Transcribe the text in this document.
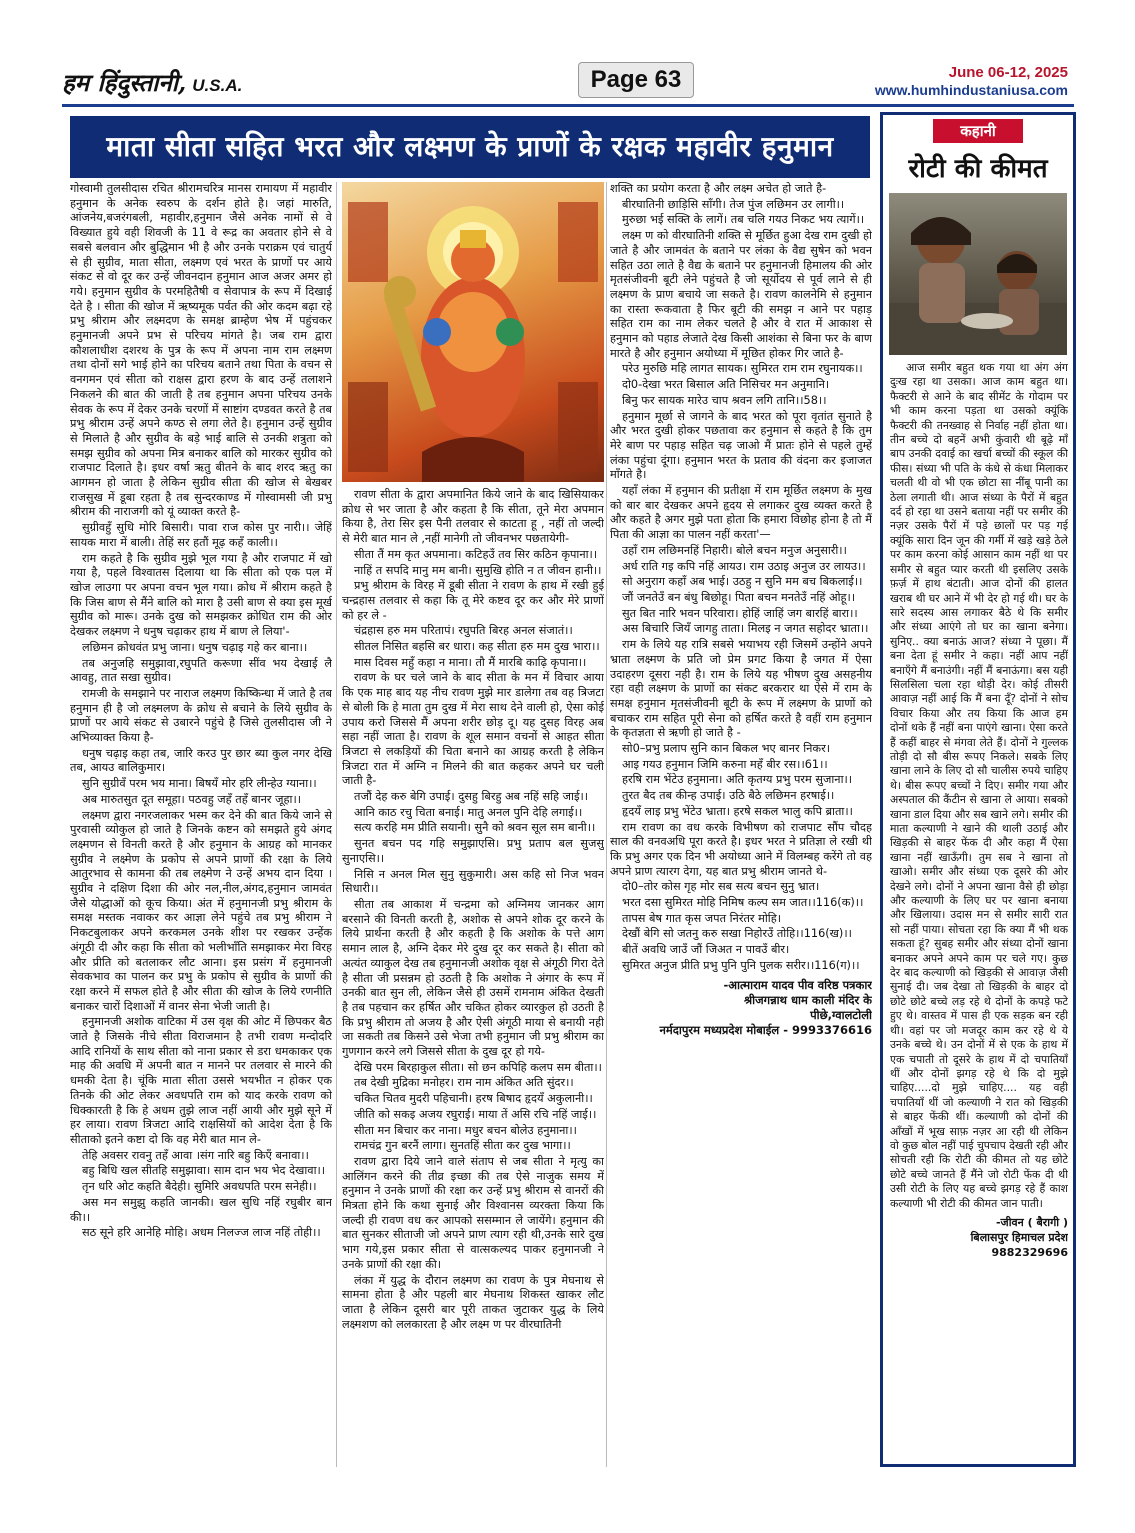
हम हिंदुस्तानी, U.S.A.	Page 63	June 06-12, 2025
www.humhindustaniusa.com
माता सीता सहित भरत और लक्ष्मण के प्राणों के रक्षक महावीर हनुमान

गोस्वामी तुलसीदास रचित श्रीरामचरित्र मानस रामायण में महावीर हनुमान के अनेक स्वरुप के दर्शन होते है। जहां मारुति, आंजनेय,बजरंगबली, महावीर,हनुमान जैसे अनेक नामों से वे विख्यात हुये वही शिवजी के 11 वे रूद्र का अवतार होने से वे सबसे बलवान और बुद्धिमान भी है और उनके पराक्रम एवं चातुर्य से ही सुग्रीव, माता सीता, लक्ष्मण एवं भरत के प्राणों पर आये संकट से वो दूर कर उन्हें जीवनदान हनुमान आज अजर अमर हो गये। हनुमान सुग्रीव के परमहितैषी व सेवापात्र के रूप में दिखाई देते है । सीता की खोज में ऋष्यमूक पर्वत की ओर कदम बढ़ा रहे प्रभु श्रीराम और लक्ष्मदण के समक्ष ब्राम्हेण भेष में पहुंचकर हनुमानजी अपने प्रभ से परिचय मांगते है। जब राम द्वारा कौशलाधीश दशरथ के पुत्र के रूप में अपना नाम राम लक्ष्मण तथा दोनों सगे भाई होने का परिचय बताने तथा पिता के वचन से वनगमन एवं सीता को राक्षस द्वारा हरण के बाद उन्हें तलाशने निकलने की बात की जाती है तब हनुमान अपना परिचय उनके सेवक के रूप में देकर उनके चरणों में साष्टांग दण्डवत करते है तब प्रभु श्रीराम उन्हें अपने कण्ठ से लगा लेते है। हनुमान उन्हें सुग्रीव से मिलाते है और सुग्रीव के बड़े भाई बालि से उनकी शत्रुता को समझ सुग्रीव को अपना मित्र बनाकर बालि को मारकर सुग्रीव को राजपाट दिलाते है। इधर वर्षा ऋतु बीतने के बाद शरद ऋतु का आगमन हो जाता है लेकिन सुग्रीव सीता की खोज से बेखबर राजसुख में डूबा रहता है तब सुन्दरकाण्ड में गोस्वामसी जी प्रभु श्रीराम की नाराजगी को यूं व्याक्त करते है-

सुग्रीवहुँ सुधि मोरि बिसारी। पावा राज कोस पुर नारी।। जेहिं सायक मारा में बाली। तेहिं सर हतौं मूढ़ कहँ काली।।

राम कहते है कि सुग्रीव मुझे भूल गया है और राजपाट में खो गया है, पहले विश्वातस दिलाया था कि सीता को एक पल में खोज लाउगा पर अपना वचन भूल गया। क्रोध में श्रीराम कहते है कि जिस बाण से मैंने बालि को मारा है उसी बाण से क्या इस मूर्ख सुग्रीव को मारू। उनके दुख को समझकर क्रोधित राम की ओर देखकर लक्ष्मण ने धनुष चढ़ाकर हाथ में बाण ले लिया'-

लछिमन क्रोधवंत प्रभु जाना। धनुष चढ़ाइ गहे कर बाना।।

तब अनुजहि समुझावा,रघुपति करूणा सींव भय देखाई लै आवहु, तात सखा सुग्रीव।

रामजी के समझाने पर नाराज लक्ष्मण किष्किन्धा में जाते है तब हनुमान ही है जो लक्ष्मलण के क्रोध से बचाने के लिये सुग्रीव के प्राणों पर आये संकट से उबारने पहुंचे है जिसे तुलसीदास जी ने अभिव्याक्त किया है-

धनुष चढ़ाइ कहा तब, जारि करउ पुर छार ब्या कुल नगर देखि तब, आयउ बालिकुमार।

सुनि सुग्रीवँ परम भय माना। बिषयँ मोर हरि लीन्हेउ ग्याना।।

अब मारुतसुत दूत समूहा। पठवहु जहँ तहँ बानर जूहा।।

लक्ष्मण द्वारा नगरजलाकर भस्म कर देने की बात किये जाने से पुरवासी व्योकुल हो जाते है जिनके कष्टन को समझते हुये अंगद लक्ष्मणन से विनती करते है और हनुमान के आग्रह को मानकर सुग्रीव ने लक्ष्मेण के प्रकोप से अपने प्राणों की रक्षा के लिये आतुरभाव से कामना की तब लक्ष्मेण ने उन्हें अभय दान दिया । सुग्रीव ने दक्षिण दिशा की ओर नल,नील,अंगद,हनुमान जामवंत जैसे योद्धाओं को कूच किया। अंत में हनुमानजी प्रभु श्रीराम के समक्ष मस्तक नवाकर कर आज्ञा लेने पहुंचे तब प्रभु श्रीराम ने निकटबुलाकर अपने करकमल उनके शीश पर रखकर उन्हेंक अंगूठी दी और कहा कि सीता को भलीभाँति समझाकर मेरा विरह और प्रीति को बतलाकर लौट आना। इस प्रसंग में हनुमानजी सेवकभाव का पालन कर प्रभु के प्रकोप से सुग्रीव के प्राणों की रक्षा करने में सफल होते है और सीता की खोज के लिये रणनीति बनाकर चारों दिशाओं में वानर सेना भेजी जाती है।

हनुमानजी अशोक वाटिका में उस वृक्ष की ओट में छिपकर बैठ जाते है जिसके नीचे सीता विराजमान है तभी रावण मन्दोदरि आदि रानियों के साथ सीता को नाना प्रकार से डरा धमकाकर एक माह की अवधि में अपनी बात न मानने पर तलवार से मारने की धमकी देता है। चूंकि माता सीता उससे भयभीत न होकर एक तिनके की ओट लेकर अवधपति राम को याद करके रावण को धिक्कारती है कि हे अधम तुझे लाज नहीं आयी और मुझे सूने में हर लाया। रावण त्रिजटा आदि राक्षसियों को आदेश देता है कि सीताको इतने कष्टा दो कि वह मेरी बात मान ले-

तेहि अवसर रावनु तहँ आवा ।संग नारि बहु किएँ बनावा।।

बहु बिधि खल सीतहि समुझावा। साम दान भय भेद देखावा।।

तृन धरि ओट कहति बैदेही। सुमिरि अवधपति परम सनेही।।

अस मन समुझु कहति जानकी। खल सुधि नहिं रघुबीर बान की।।

सठ सूने हरि आनेहि मोहि। अधम निलज्ज लाज नहिं तोही।।

रावण सीता के द्वारा अपमानित किये जाने के बाद खिसियाकर क्रोध से भर जाता है और कहता है कि सीता, तूने मेरा अपमान किया है, तेरा सिर इस पैनी तलवार से काटता हू , नहीं तो जल्दी से मेरी बात मान ले ,नहीं मानेगी तो जीवनभर पछतायेगी-

सीता तैं मम कृत अपमाना। कटिहउँ तव सिर कठिन कृपाना।।

नाहिं त सपदि मानु मम बानी। सुमुखि होति न त जीवन हानी।।

प्रभु श्रीराम के विरह में डूबी सीता ने रावण के हाथ में रखी हुई चन्द्रहास तलवार से कहा कि तू मेरे कष्टव दूर कर और मेरे प्राणों को हर ले -

चंद्रहास हरु मम परितापं। रघुपति बिरह अनल संजातं।।

सीतल निसित बहसि बर धारा। कह सीता हरु मम दुख भारा।।

मास दिवस महुँ कहा न माना। तौ मैं मारबि काढ़ि कृपाना।।

रावण के घर चले जाने के बाद सीता के मन में विचार आया कि एक माह बाद यह नीच रावण मुझे मार डालेगा तब वह त्रिजटा से बोली कि हे माता तुम दुख में मेरा साथ देने वाली हो, ऐसा कोई उपाय करो जिससे मैं अपना शरीर छोड़ दू। यह दुसह विरह अब सहा नहीं जाता है। रावण के शूल समान वचनों से आहत सीता त्रिजटा से लकड़ियों की चिता बनाने का आग्रह करती है लेकिन त्रिजटा रात में अग्नि न मिलने की बात कहकर अपने घर चली जाती है-

तजौं देह करु बेगि उपाई। दुसहु बिरहु अब नहिं सहि जाई।।

आनि काठ रचु चिता बनाई। मातु अनल पुनि देहि लगाई।।

सत्य करहि मम प्रीति सयानी। सुनै को श्रवन सूल सम बानी।।

सुनत बचन पद गहि समुझाएसि। प्रभु प्रताप बल सुजसु सुनाएसि।।

निसि न अनल मिल सुनु सुकुमारी। अस कहि सो निज भवन सिधारी।।

सीता तब आकाश में चन्द्रमा को अग्निमय जानकर आग बरसाने की विनती करती है, अशोक से अपने शोक दूर करने के लिये प्रार्थना करती है और कहती है कि अशोक के पत्ते आग समान लाल है, अग्नि देकर मेरे दुख दूर कर सकते है। सीता को अत्यंत व्याकुल देख तब हनुमानजी अशोक वृक्ष से अंगूठी गिरा देते है सीता जी प्रसन्नम हो उठती है कि अशोक ने अंगार के रूप में उनकी बात सुन ली, लेकिन जैसे ही उसमें रामनाम अंकित देखती है तब पहचान कर हर्षित और चकित होकर व्यारकुल हो उठती है कि प्रभु श्रीराम तो अजय है और ऐसी अंगूठी माया से बनायी नही जा सकती तब किसने उसे भेजा तभी हनुमान जी प्रभु श्रीराम का गुणगान करने लगे जिससे सीता के दुख दूर हो गये-

देखि परम बिरहाकुल सीता। सो छन कपिहि कलप सम बीता।।

तब देखी मुद्रिका मनोहर। राम नाम अंकित अति सुंदर।।

चकित चितव मुदरी पहिचानी। हरष बिषाद हृदयँ अकुलानी।।

जीति को सकइ अजय रघुराई। माया तें असि रचि नहिं जाई।।

सीता मन बिचार कर नाना। मधुर बचन बोलेउ हनुमाना।।

रामचंद्र गुन बरनैं लागा। सुनतहिं सीता कर दुख भागा।।

रावण द्वारा दिये जाने वाले संताप से जब सीता ने मृत्यु का आलिंगन करने की तीव्र इच्छा की तब ऐसे नाजुक समय में हनुमान ने उनके प्राणों की रक्षा कर उन्हें प्रभु श्रीराम से वानरों की मित्रता होने कि कथा सुनाई और विश्वानस व्यरक्ता किया कि जल्दी ही रावण वध कर आपको ससम्मान ले जायेंगे। हनुमान की बात सुनकर सीताजी जो अपने प्राण त्याग रही थी,उनके सारे दुख भाग गये,इस प्रकार सीता से वात्सकल्यद पाकर हनुमानजी ने उनके प्राणों की रक्षा की।

लंका में युद्ध के दौरान लक्ष्मण का रावण के पुत्र मेघनाथ से सामना होता है और पहली बार मेघनाथ शिकस्त खाकर लौट जाता है लेकिन दूसरी बार पूरी ताकत जुटाकर युद्ध के लिये लक्ष्मशण को ललकारता है और लक्ष्म ण पर वीरघातिनी

शक्ति का प्रयोग करता है और लक्ष्म अचेत हो जाते है-

बीरघातिनी छाड़िसि साँगी। तेज पुंज लछिमन उर लागी।।

मुरुछा भई सक्ति के लागें। तब चलि गयउ निकट भय त्यागें।।

लक्ष्म ण को वीरघातिनी शक्ति से मूर्छित हुआ देख राम दुखी हो जाते है और जामवंत के बताने पर लंका के वैद्य सुषेन को भवन सहित उठा लाते है वैद्य के बताने पर हनुमानजी हिमालय की ओर मृतसंजीवनी बूटी लेने पहुंचते है जो सूर्योदय से पूर्व लाने से ही लक्ष्मण के प्राण बचाये जा सकते है। रावण कालनेमि से हनुमान का रास्ता रूकवाता है फिर बूटी की समझ न आने पर पहाड़ सहित राम का नाम लेकर चलते है और वे रात में आकाश से हनुमान को पहाड लेजाते देख किसी आशंका से बिना फर के बाण मारते है और हनुमान अयोध्या में मूछित होकर गिर जाते है-

परेउ मुरुछि महि लागत सायक। सुमिरत राम राम रघुनायक।।

दो0-देखा भरत बिसाल अति निसिचर मन अनुमानि।

बिनु फर सायक मारेउ चाप श्रवन लगि तानि।।58।।

हनुमान मूर्छा से जागने के बाद भरत को पूरा वृतांत सुनाते है और भरत दुखी होकर पछतावा कर हनुमान से कहते है कि तुम मेरे बाण पर पहाड़ सहित चढ़ जाओ मैं प्रातः होने से पहले तुम्हें लंका पहुंचा दूंगा। हनुमान भरत के प्रताव की वंदना कर इजाजत माँगते है।

यहाँ लंका में हनुमान की प्रतीक्षा में राम मूर्छित लक्ष्मण के मुख को बार बार देखकर अपने हृदय से लगाकर दुख व्यक्त करते है और कहते है अगर मुझे पता होता कि हमारा विछोह होना है तो मैं पिता की आज्ञा का पालन नहीं करता'—

उहाँ राम लछिमनहिं निहारी। बोले बचन मनुज अनुसारी।।

अर्ध राति गइ कपि नहिं आयउ। राम उठाइ अनुज उर लायउ।।

सो अनुराग कहाँ अब भाई। उठहु न सुनि मम बच बिकलाई।।

जौं जनतेउँ बन बंधु बिछोहू। पिता बचन मनतेउँ नहिं ओहू।।

सुत बित नारि भवन परिवारा। होहिं जाहिं जग बारहिं बारा।।

अस बिचारि जियँ जागहु ताता। मिलइ न जगत सहोदर भ्राता।।

राम के लिये यह रात्रि सबसे भयाभय रही जिसमें उन्होंने अपने भ्राता लक्ष्मण के प्रति जो प्रेम प्रगट किया है जगत में ऐसा उदाहरण दूसरा नही है। राम के लिये यह भीषण दुख असहनीय रहा वही लक्ष्मण के प्राणों का संकट बरकरार था ऐसे में राम के समक्ष हनुमान मृतसंजीवनी बूटी के रूप में लक्ष्मण के प्राणों को बचाकर राम सहित पूरी सेना को हर्षित करते है वहीं राम हनुमान के कृतज्ञता से ऋणी हो जाते है -

सो0–प्रभु प्रलाप सुनि कान बिकल भए बानर निकर।

आइ गयउ हनुमान जिमि करुना महँ बीर रस।।61।।

हरषि राम भेंटेउ हनुमाना। अति कृतग्य प्रभु परम सुजाना।।

तुरत बैद तब कीन्ह उपाई। उठि बैठे लछिमन हरषाई।।

हृदयँ लाइ प्रभु भेंटेउ भ्राता। हरषे सकल भालु कपि ब्राता।।

राम रावण का वध करके विभीषण को राजपाट सौंप चौदह साल की वनवअधि पूरा करते है। इधर भरत ने प्रतिज्ञा ले रखी थी कि प्रभु अगर एक दिन भी अयोध्या आने में विलम्बह करेंगे तो वह अपने प्राण त्यारग देगा, यह बात प्रभु श्रीराम जानते थे-

दो0–तोर कोस गृह मोर सब सत्य बचन सुनु भ्रात।

भरत दसा सुमिरत मोहि निमिष कल्प सम जात।।116(क)।।

तापस बेष गात कृस जपत निरंतर मोहि।

देखौं बेगि सो जतनु करु सखा निहोरउँ तोहि।।116(ख)।।

बीतें अवधि जाउँ जौं जिअत न पावउँ बीर।

सुमिरत अनुज प्रीति प्रभु पुनि पुनि पुलक सरीर।।116(ग)।।

-आत्माराम यादव पीव वरिष्ठ पत्रकार
श्रीजगन्नाथ धाम काली मंदिर के
पीछे,ग्वालटोली
नर्मदापुरम मध्यप्रदेश मोबाईल - 9993376616
कहानी
रोटी की कीमत

आज समीर बहुत थक गया था अंग अंग दुःख रहा था उसका। आज काम बहुत था। फैक्टरी से आने के बाद सीमेंट के गोदाम पर भी काम करना पड़ता था उसको क्यूंकि फैक्टरी की तनख्वाह से निर्वाह नहीं होता था। तीन बच्चे दो बहनें अभी कुंवारी थी बूढ़े माँ बाप उनकी दवाई का खर्चा बच्चों की स्कूल की फीस। संध्या भी पति के कंधे से कंधा मिलाकर चलती थी वो भी एक छोटा सा नींबू पानी का ठेला लगाती थी। आज संध्या के पैरों में बहुत दर्द हो रहा था उसने बताया नहीं पर समीर की नज़र उसके पैरों में पड़े छालों पर पड़ गई क्यूंकि सारा दिन जून की गर्मी में खड़े खड़े ठेले पर काम करना कोई आसान काम नहीं था पर समीर से बहुत प्यार करती थी इसलिए उसके फ़र्ज़ में हाथ बंटाती। आज दोनों की हालत खराब थी घर आने में भी देर हो गई थी। घर के सारे सदस्य आस लगाकर बैठे थे कि समीर और संध्या आएंगे तो घर का खाना बनेगा। सुनिए.. क्या बनाऊं आज? संध्या ने पूछा। मैं बना देता हूं समीर ने कहा। नहीं आप नहीं बनाएँगे मैं बनाउंगी। नहीं मैं बनाऊंगा। बस यही सिलसिला चला रहा थोड़ी देर। कोई तीसरी आवाज़ नहीं आई कि मैं बना दूँ? दोनों ने सोच विचार किया और तय किया कि आज हम दोनों थके हैं नहीं बना पाएंगे खाना। ऐसा करते हैं कहीं बाहर से मंगवा लेते हैं। दोनों ने गुल्लक तोड़ी दो सौ बीस रूपए निकले। सबके लिए खाना लाने के लिए दो सौ चालीस रुपये चाहिए थे। बीस रूपए बच्चों ने दिए। समीर गया और अस्पताल की कैंटीन से खाना ले आया। सबको खाना डाल दिया और सब खाने लगे। समीर की माता कल्याणी ने खाने की थाली उठाई और खिड़की से बाहर फेंक दी और कहा मैं ऐसा खाना नहीं खाऊँगी। तुम सब ने खाना तो खाओ। समीर और संध्या एक दूसरे की ओर देखने लगे। दोनों ने अपना खाना वैसे ही छोड़ा और कल्याणी के लिए घर पर खाना बनाया और खिलाया। उदास मन से समीर सारी रात सो नहीं पाया। सोचता रहा कि क्या मैं भी थक सकता हूं? सुबह समीर और संध्या दोनों खाना बनाकर अपने अपने काम पर चले गए। कुछ देर बाद कल्याणी को खिड़की से आवाज़ जैसी सुनाई दी। जब देखा तो खिड़की के बाहर दो छोटे छोटे बच्चे लड़ रहे थे दोनों के कपड़े फटे हुए थे। वास्तव में पास ही एक सड़क बन रही थी। वहां पर जो मजदूर काम कर रहे थे ये उनके बच्चे थे। उन दोनों में से एक के हाथ में एक चपाती तो दूसरे के हाथ में दो चपातियाँ थीं और दोनों झगड़ रहे थे कि दो मुझे चाहिए.....दो मुझे चाहिए.... यह वही चपातियाँ थीं जो कल्याणी ने रात को खिड़की से बाहर फेंकी थीं। कल्याणी को दोनों की आँखों में भूख साफ़ नज़र आ रही थी लेकिन वो कुछ बोल नहीं पाई चुपचाप देखती रही और सोचती रही कि रोटी की कीमत तो यह छोटे छोटे बच्चे जानते हैं मैंने जो रोटी फेंक दी थी उसी रोटी के लिए यह बच्चे झगड़ रहे हैं काश कल्याणी भी रोटी की कीमत जान पाती।

-जीवन ( बैरागी )
बिलासपुर हिमाचल प्रदेश
9882329696
